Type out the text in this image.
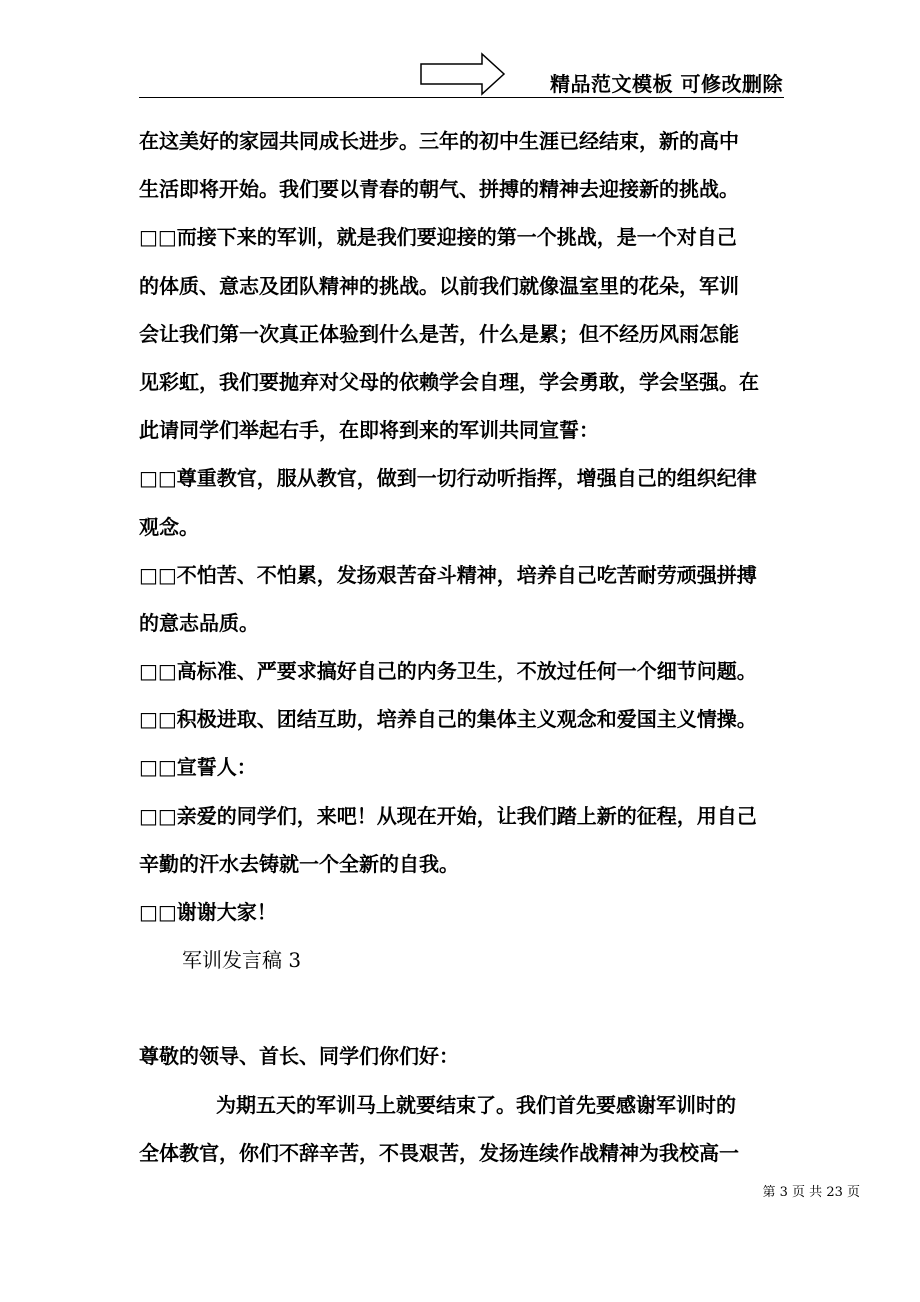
精品范文模板 可修改删除
在这美好的家园共同成长进步。三年的初中生涯已经结束，新的高中
生活即将开始。我们要以青春的朝气、拼搏的精神去迎接新的挑战。
□□而接下来的军训，就是我们要迎接的第一个挑战，是一个对自己
的体质、意志及团队精神的挑战。以前我们就像温室里的花朵，军训
会让我们第一次真正体验到什么是苦，什么是累；但不经历风雨怎能
见彩虹，我们要抛弃对父母的依赖学会自理，学会勇敢，学会坚强。在
此请同学们举起右手，在即将到来的军训共同宣誓：
□□尊重教官，服从教官，做到一切行动听指挥，增强自己的组织纪律
观念。
□□不怕苦、不怕累，发扬艰苦奋斗精神，培养自己吃苦耐劳顽强拼搏
的意志品质。
□□高标准、严要求搞好自己的内务卫生，不放过任何一个细节问题。
□□积极进取、团结互助，培养自己的集体主义观念和爱国主义情操。
□□宣誓人：
□□亲爱的同学们，来吧！从现在开始，让我们踏上新的征程，用自己
辛勤的汗水去铸就一个全新的自我。
□□谢谢大家！
军训发言稿 3
尊敬的领导、首长、同学们你们好：
为期五天的军训马上就要结束了。我们首先要感谢军训时的
全体教官，你们不辞辛苦，不畏艰苦，发扬连续作战精神为我校高一
第 3 页 共 23 页
